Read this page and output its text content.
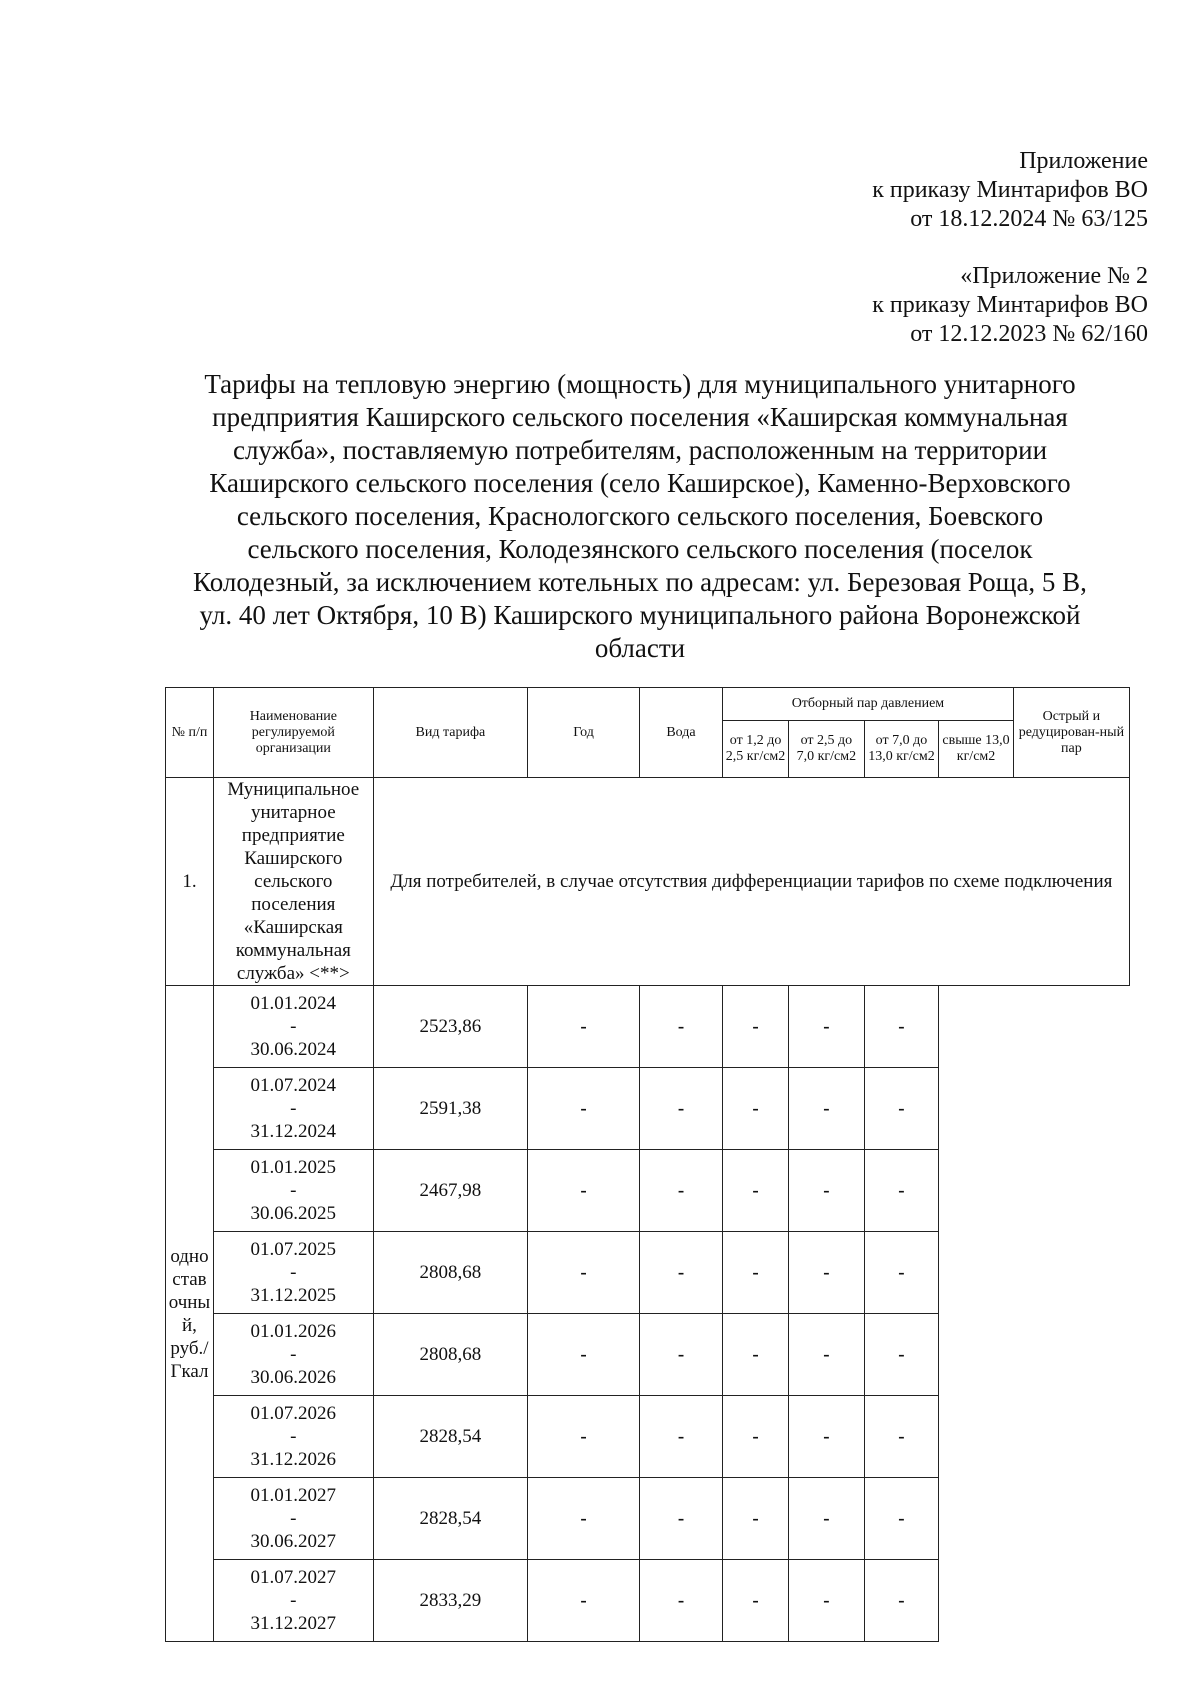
Приложение
к приказу Минтарифов ВО
от 18.12.2024 № 63/125
«Приложение № 2
к приказу Минтарифов ВО
от 12.12.2023 № 62/160
Тарифы на тепловую энергию (мощность) для муниципального унитарного
предприятия Каширского сельского поселения «Каширская коммунальная
служба», поставляемую потребителям, расположенным на территории
Каширского сельского поселения (село Каширское), Каменно-Верховского
сельского поселения, Краснологского сельского поселения, Боевского
сельского поселения, Колодезянского сельского поселения (поселок
Колодезный, за исключением котельных по адресам: ул. Березовая Роща, 5 В,
ул. 40 лет Октября, 10 В) Каширского муниципального района Воронежской
области
№ п/п	Наименование регулируемой организации	Вид тарифа	Год	Вода	Отборный пар давлением				Острый и редуцирован-ный пар
					от 1,2 до 2,5 кг/см2	от 2,5 до 7,0 кг/см2	от 7,0 до 13,0 кг/см2	свыше 13,0 кг/см2	
1.	Муниципальное унитарное предприятие Каширского сельского поселения «Каширская коммунальная служба» <**>	Для потребителей, в случае отсутствия дифференциации тарифов по схеме подключения							
одноставочный, руб./Гкал	01.01.2024
-
30.06.2024	2523,86	-	-	-	-	-		

	01.07.2024
-
31.12.2024	2591,38	-	-	-	-	-		

	01.01.2025
-
30.06.2025	2467,98	-	-	-	-	-		

	01.07.2025
-
31.12.2025	2808,68	-	-	-	-	-		

	01.01.2026
-
30.06.2026	2808,68	-	-	-	-	-		

	01.07.2026
-
31.12.2026	2828,54	-	-	-	-	-		

	01.01.2027
-
30.06.2027	2828,54	-	-	-	-	-		

	01.07.2027
-
31.12.2027	2833,29	-	-	-	-	-		
